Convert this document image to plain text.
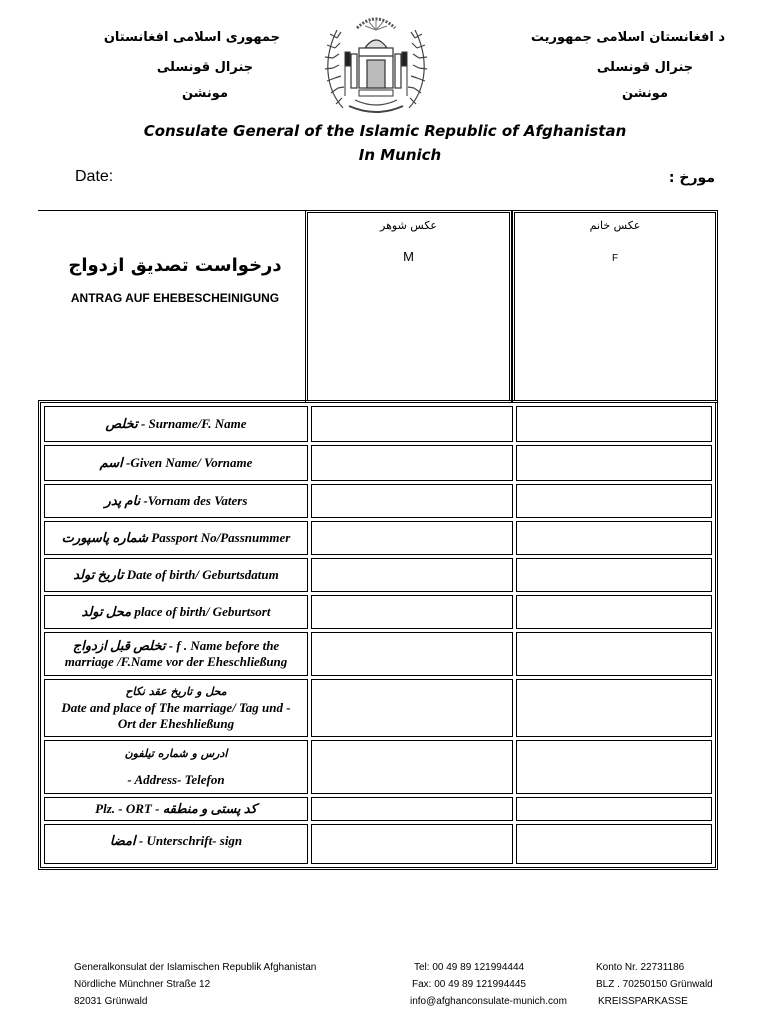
جمهوری اسلامی افغانستان
جنرال قونسلی
مونشن
د افغانستان اسلامی جمهوریت
جنرال قونسلی
مونشن
Consulate General of the Islamic Republic of Afghanistan
In Munich
Date:	مورخ :
درخواست تصدیق ازدواج
ANTRAG AUF EHEBESCHEINIGUNG
عکس شوهر
M
عکس خانم
F
تخلص - Surname/F. Name
اسم -Given Name/ Vorname
نام پدر -Vornam des Vaters
شماره پاسپورت Passport No/Passnummer
تاریخ تولد Date of birth/ Geburtsdatum
محل تولد place of birth/ Geburtsort
تخلص قبل ازدواج - f . Name before the
marriage /F.Name vor der Eheschließung
محل و تاریخ عقد نکاح
Date and place of The marriage/ Tag und -
Ort der Eheshließung
ادرس و شماره تیلفون
- Address- Telefon
Plz. - ORT - کد پستی و منطقه
امضا - Unterschrift- sign
Generalkonsulat der Islamischen Republik Afghanistan
Nördliche Münchner Straße 12
82031 Grünwald
Tel: 00 49 89 121994444
Fax: 00 49 89 121994445
info@afghanconsulate-munich.com
Konto Nr. 22731186
BLZ . 70250150 Grünwald
KREISSPARKASSE
